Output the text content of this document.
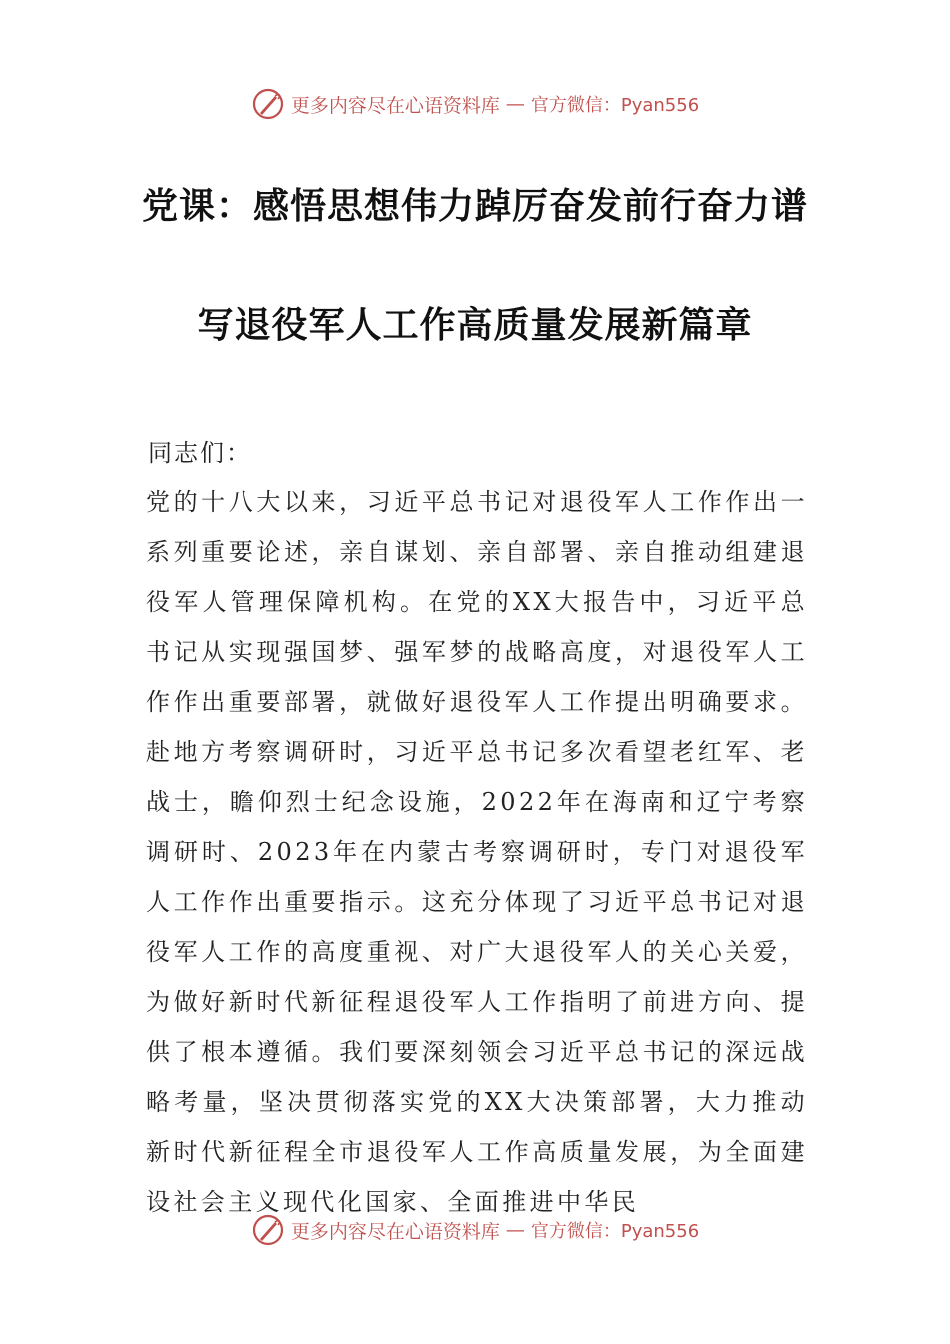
更多内容尽在心语资料库 — 官方微信：Pyan556
党课：感悟思想伟力踔厉奋发前行奋力谱
写退役军人工作高质量发展新篇章
同志们：
党的十八大以来，习近平总书记对退役军人工作作出一系列重要论述，亲自谋划、亲自部署、亲自推动组建退役军人管理保障机构。在党的XX大报告中，习近平总书记从实现强国梦、强军梦的战略高度，对退役军人工作作出重要部署，就做好退役军人工作提出明确要求。赴地方考察调研时，习近平总书记多次看望老红军、老战士，瞻仰烈士纪念设施，2022年在海南和辽宁考察调研时、2023年在内蒙古考察调研时，专门对退役军人工作作出重要指示。这充分体现了习近平总书记对退役军人工作的高度重视、对广大退役军人的关心关爱，为做好新时代新征程退役军人工作指明了前进方向、提供了根本遵循。我们要深刻领会习近平总书记的深远战略考量，坚决贯彻落实党的XX大决策部署，大力推动新时代新征程全市退役军人工作高质量发展，为全面建设社会主义现代化国家、全面推进中华民
更多内容尽在心语资料库 — 官方微信：Pyan556
